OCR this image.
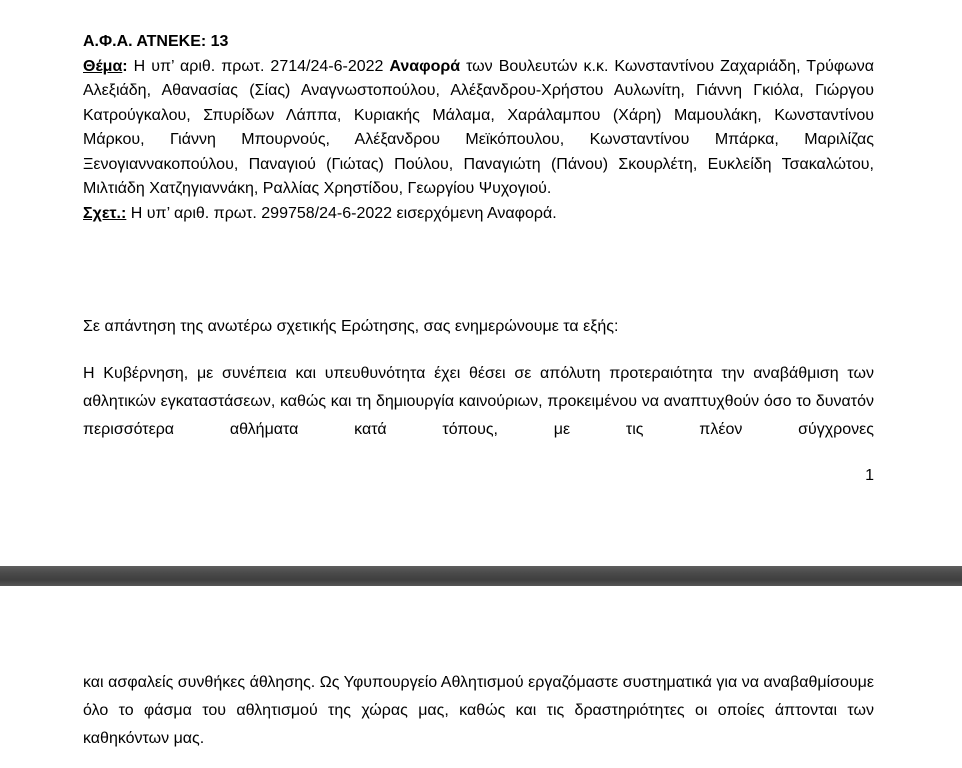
Α.Φ.Α. ΑΤΝΕΚΕ: 13

Θέμα: Η υπ’ αριθ. πρωτ. 2714/24-6-2022 Αναφορά των Βουλευτών κ.κ. Κωνσταντίνου Ζαχαριάδη, Τρύφωνα Αλεξιάδη, Αθανασίας (Σίας) Αναγνωστοπούλου, Αλέξανδρου-Χρήστου Αυλωνίτη, Γιάννη Γκιόλα, Γιώργου Κατρούγκαλου, Σπυρίδων Λάππα, Κυριακής Μάλαμα, Χαράλαμπου (Χάρη) Μαμουλάκη, Κωνσταντίνου Μάρκου, Γιάννη Μπουρνούς, Αλέξανδρου Μεϊκόπουλου, Κωνσταντίνου Μπάρκα, Μαριλίζας Ξενογιαννακοπούλου, Παναγιού (Γιώτας) Πούλου, Παναγιώτη (Πάνου) Σκουρλέτη, Ευκλείδη Τσακαλώτου, Μιλτιάδη Χατζηγιαννάκη, Ραλλίας Χρηστίδου, Γεωργίου Ψυχογιού.

Σχετ.: Η υπ’ αριθ. πρωτ. 299758/24-6-2022 εισερχόμενη Αναφορά.

Σε απάντηση της ανωτέρω σχετικής Ερώτησης, σας ενημερώνουμε τα εξής:

Η Κυβέρνηση, με συνέπεια και υπευθυνότητα έχει θέσει σε απόλυτη προτεραιότητα την αναβάθμιση των αθλητικών εγκαταστάσεων, καθώς και τη δημιουργία καινούριων, προκειμένου να αναπτυχθούν όσο το δυνατόν περισσότερα αθλήματα κατά τόπους, με τις πλέον σύγχρονες

1

και ασφαλείς συνθήκες άθλησης. Ως Υφυπουργείο Αθλητισμού εργαζόμαστε συστηματικά για να αναβαθμίσουμε όλο το φάσμα του αθλητισμού της χώρας μας, καθώς και τις δραστηριότητες οι οποίες άπτονται των καθηκόντων μας.
